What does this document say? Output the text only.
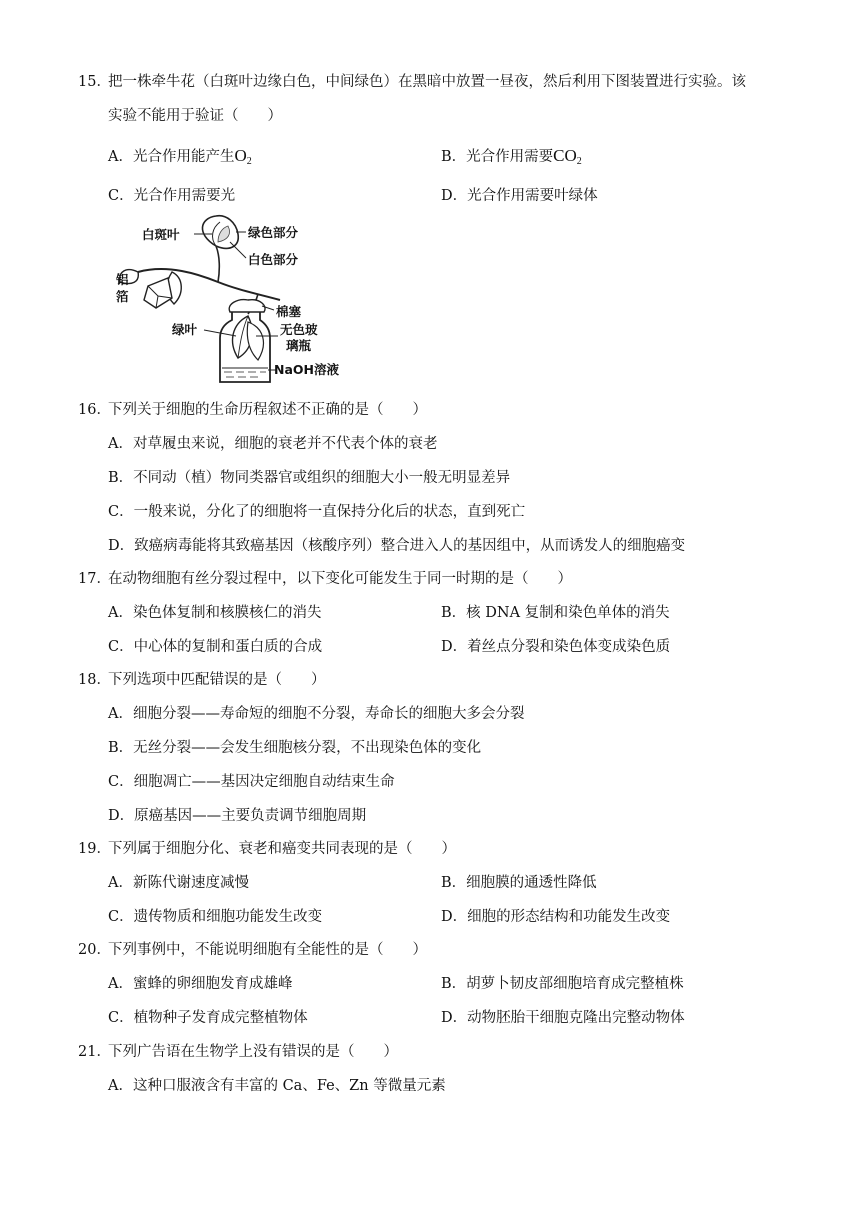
15．
把一株牵牛花（白斑叶边缘白色，中间绿色）在黑暗中放置一昼夜，然后利用下图装置进行实验。该
实验不能用于验证（　　）
A．光合作用能产生$O_2$	B．光合作用需要$CO_2$
C．光合作用需要光	D．光合作用需要叶绿体
白斑叶	绿色部分
白色部分
铝
箔
棉塞
绿叶	无色玻
璃瓶
NaOH溶液
16．
下列关于细胞的生命历程叙述不正确的是（　　）
A．对草履虫来说，细胞的衰老并不代表个体的衰老
B．不同动（植）物同类器官或组织的细胞大小一般无明显差异
C．一般来说，分化了的细胞将一直保持分化后的状态，直到死亡
D．致癌病毒能将其致癌基因（核酸序列）整合进入人的基因组中，从而诱发人的细胞癌变
17．
在动物细胞有丝分裂过程中，以下变化可能发生于同一时期的是（　　）
A．染色体复制和核膜核仁的消失	B．核 DNA 复制和染色单体的消失
C．中心体的复制和蛋白质的合成	D．着丝点分裂和染色体变成染色质
18．
下列选项中匹配错误的是（　　）
A．细胞分裂——寿命短的细胞不分裂，寿命长的细胞大多会分裂
B．无丝分裂——会发生细胞核分裂，不出现染色体的变化
C．细胞凋亡——基因决定细胞自动结束生命
D．原癌基因——主要负责调节细胞周期
19．
下列属于细胞分化、衰老和癌变共同表现的是（　　）
A．新陈代谢速度减慢	B．细胞膜的通透性降低
C．遗传物质和细胞功能发生改变	D．细胞的形态结构和功能发生改变
20．
下列事例中，不能说明细胞有全能性的是（　　）
A．蜜蜂的卵细胞发育成雄峰	B．胡萝卜韧皮部细胞培育成完整植株
C．植物种子发育成完整植物体	D．动物胚胎干细胞克隆出完整动物体
21．
下列广告语在生物学上没有错误的是（　　）
A．这种口服液含有丰富的 Ca、Fe、Zn 等微量元素
